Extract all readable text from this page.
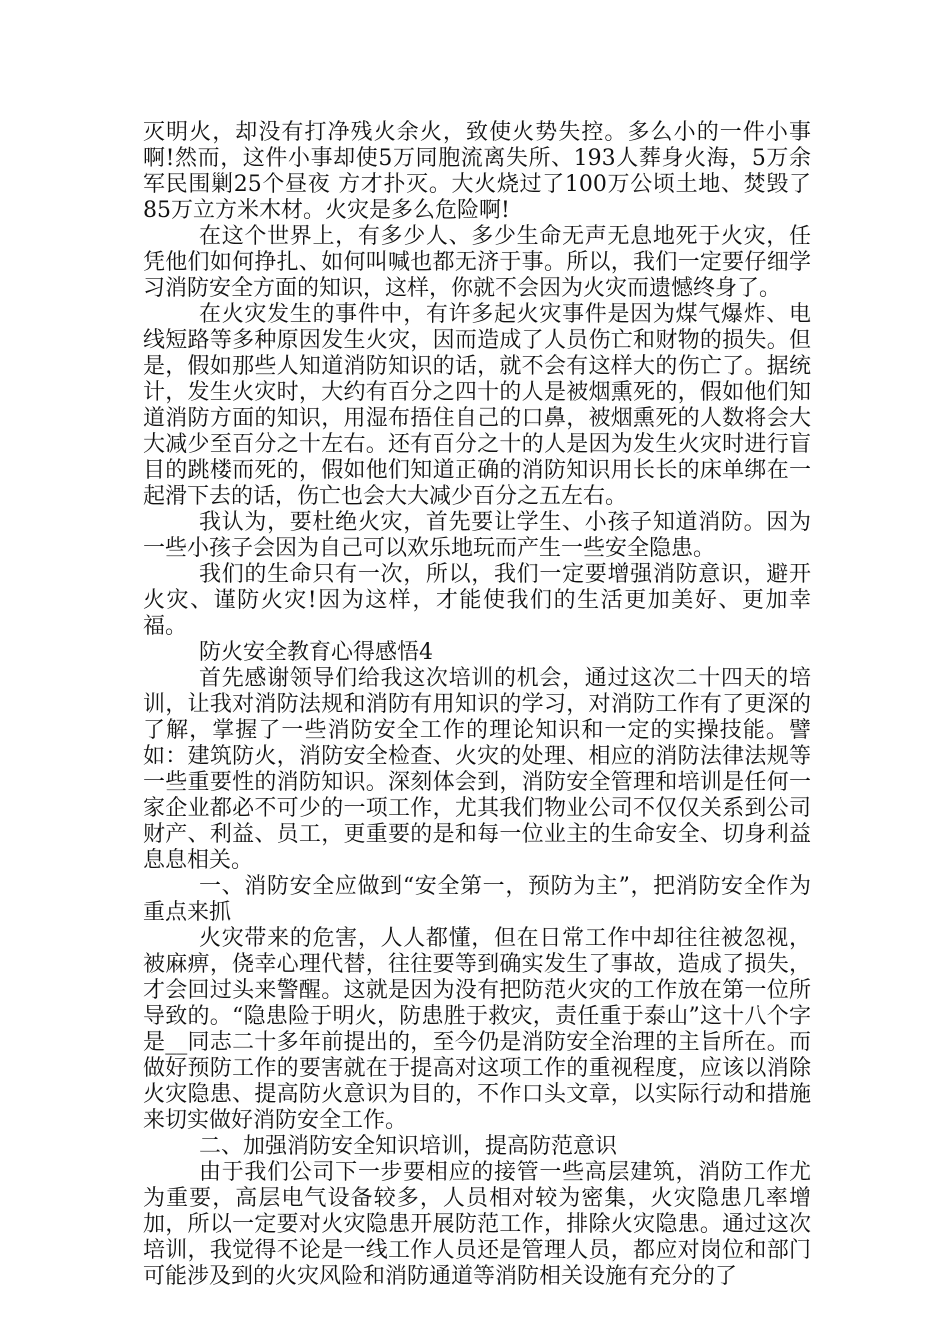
灭明火，却没有打净残火余火，致使火势失控。多么小的一件小事啊!然而，这件小事却使5万同胞流离失所、193人葬身火海，5万余军民围剿25个昼夜 方才扑灭。大火烧过了100万公顷土地、焚毁了85万立方米木材。火灾是多么危险啊!

在这个世界上，有多少人、多少生命无声无息地死于火灾，任凭他们如何挣扎、如何叫喊也都无济于事。所以，我们一定要仔细学习消防安全方面的知识，这样，你就不会因为火灾而遗憾终身了。

在火灾发生的事件中，有许多起火灾事件是因为煤气爆炸、电线短路等多种原因发生火灾，因而造成了人员伤亡和财物的损失。但是，假如那些人知道消防知识的话，就不会有这样大的伤亡了。据统计，发生火灾时，大约有百分之四十的人是被烟熏死的，假如他们知道消防方面的知识，用湿布捂住自己的口鼻，被烟熏死的人数将会大大减少至百分之十左右。还有百分之十的人是因为发生火灾时进行盲目的跳楼而死的，假如他们知道正确的消防知识用长长的床单绑在一起滑下去的话，伤亡也会大大减少百分之五左右。

我认为，要杜绝火灾，首先要让学生、小孩子知道消防。因为一些小孩子会因为自己可以欢乐地玩而产生一些安全隐患。

我们的生命只有一次，所以，我们一定要增强消防意识，避开火灾、谨防火灾!因为这样，才能使我们的生活更加美好、更加幸福。

防火安全教育心得感悟4

首先感谢领导们给我这次培训的机会，通过这次二十四天的培训，让我对消防法规和消防有用知识的学习，对消防工作有了更深的了解，掌握了一些消防安全工作的理论知识和一定的实操技能。譬如：建筑防火，消防安全检查、火灾的处理、相应的消防法律法规等一些重要性的消防知识。深刻体会到，消防安全管理和培训是任何一家企业都必不可少的一项工作，尤其我们物业公司不仅仅关系到公司财产、利益、员工，更重要的是和每一位业主的生命安全、切身利益息息相关。

一、消防安全应做到“安全第一，预防为主”，把消防安全作为重点来抓

火灾带来的危害，人人都懂，但在日常工作中却往往被忽视，被麻痹，侥幸心理代替，往往要等到确实发生了事故，造成了损失，才会回过头来警醒。这就是因为没有把防范火灾的工作放在第一位所导致的。“隐患险于明火，防患胜于救灾，责任重于泰山”这十八个字是__同志二十多年前提出的，至今仍是消防安全治理的主旨所在。而做好预防工作的要害就在于提高对这项工作的重视程度，应该以消除火灾隐患、提高防火意识为目的，不作口头文章，以实际行动和措施来切实做好消防安全工作。

二、加强消防安全知识培训，提高防范意识

由于我们公司下一步要相应的接管一些高层建筑，消防工作尤为重要，高层电气设备较多，人员相对较为密集，火灾隐患几率增加，所以一定要对火灾隐患开展防范工作，排除火灾隐患。通过这次培训，我觉得不论是一线工作人员还是管理人员，都应对岗位和部门可能涉及到的火灾风险和消防通道等消防相关设施有充分的了
